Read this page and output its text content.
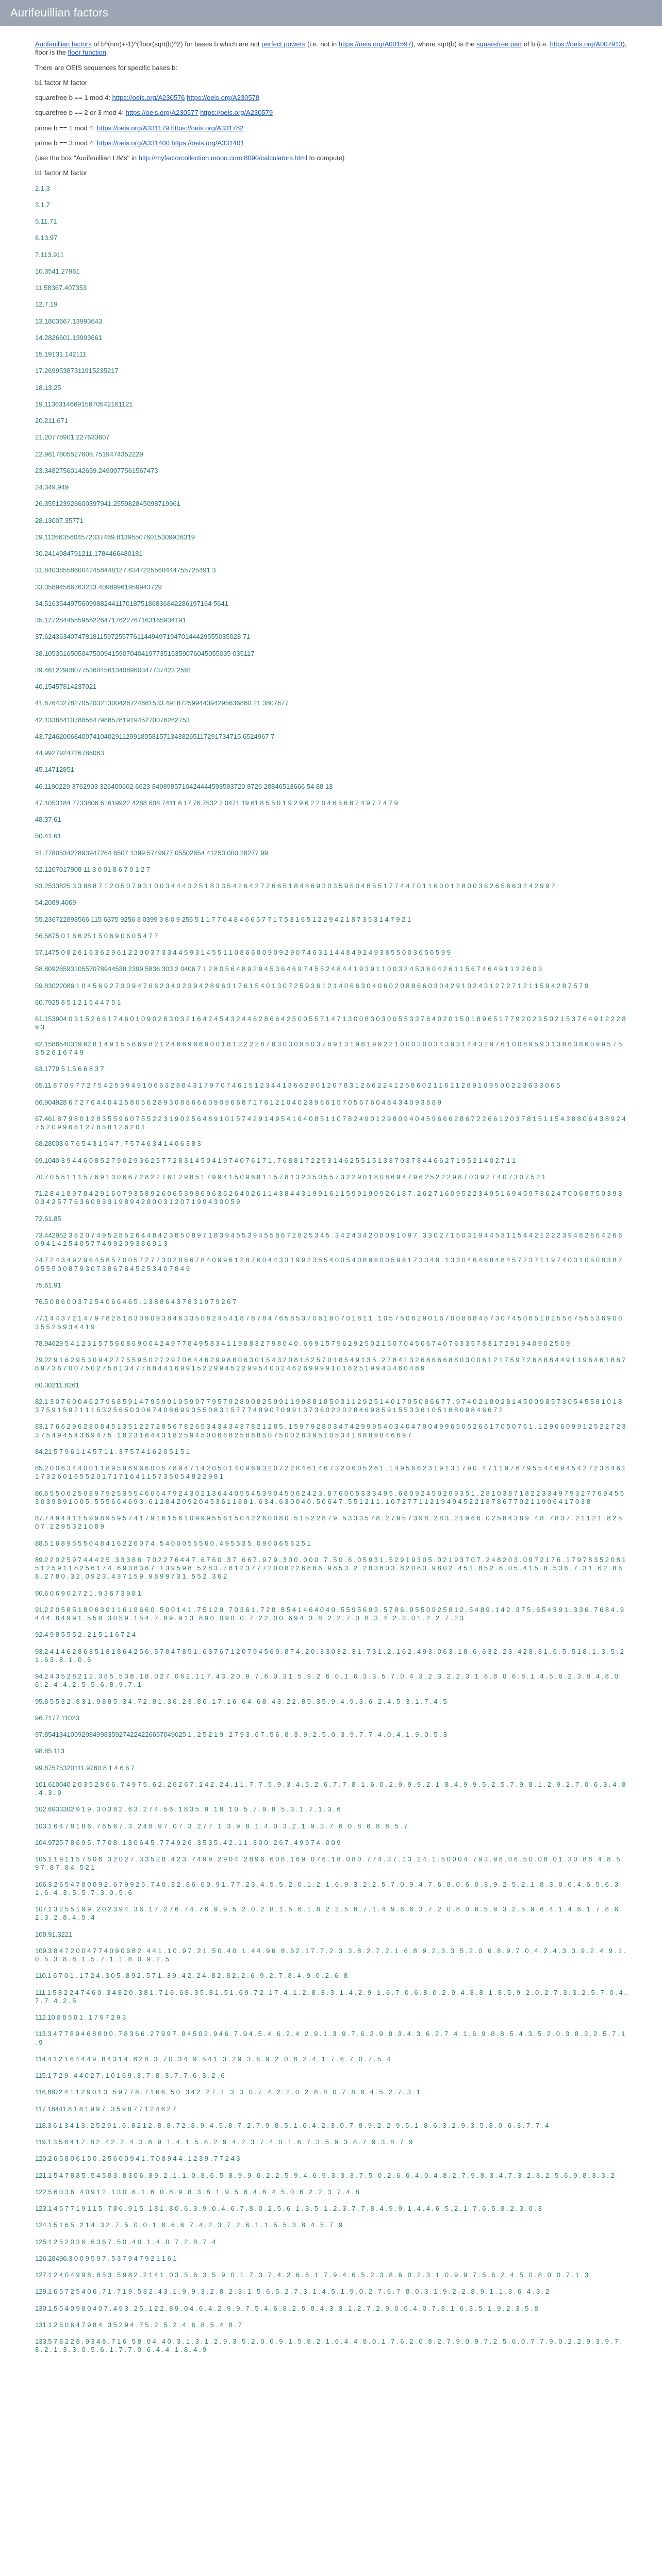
Aurifeuillian factors

Aurifeuillian factors of b^(nm)+-1)^(floor(sqrt(b)^2) for bases b which are not perfect powers (i.e. not in https://oeis.org/A001597), where sqrt(b) is the squarefree part of b (i.e. https://oeis.org/A007913), floor is the floor function.

There are OEIS sequences for specific bases b:

b1 factor M factor

squarefree b == 1 mod 4: https://oeis.org/A230576 https://oeis.org/A230578

squarefree b == 2 or 3 mod 4: https://oeis.org/A230577 https://oeis.org/A230579

prime b == 1 mod 4: https://oeis.org/A331179 https://oeis.org/A331782

prime b == 3 mod 4: https://oeis.org/A331400 https://oeis.org/A331401

(use the box "Aurifeuillian L/Ms" in http://myfactorcollection.mooo.com:8090/calculators.html to compute)

b1 factor M factor

2.1.3

3.1.7

5.11.71

6.13.97

7.113.911

10.3541.27961

11.58367.407353

12.7.19

13.1803667.13993643

14.2826601.13993661

15.19131.142111

17.26995387311915235217

18.13.25

19.113631466915870542161121

20.211.671

21.20778901.227633607

22.9617805527609.7519474352229

23.34827560142659.2490077561567473

24.349.949

26.355123926600397941.255982845098719961

28.13007.35771

29.1126635604572337469.813955076015309926319

30.2414984791211.1784466480181

31.8403855860042458448127.6347225560444755725491 3

33.35894566763233.40989961959943729

34.516354497560998824411701875186836842286197164 5641

35.12728445859552264717622767163165934191

37.62436340747818115972557761144949719470144429555035028 71

38.10535165050475009415907040419773515359076045055035 035117

39.46122908077536045613408960347737423 2561

40.15457814237021

41.67643278270520321300426724661533.49187259944394295636860 21 3807677

42.133884107885647988578191945270076282753

43.72462006840074104029112991805815713438265117291734715 6524967 7

44.9927924726786063

45.14712851

46.1190229 3762903 326400602 6623 8498985710424444593583720 8726 28846513666 54 88 13

47.1053184 7733806 61619922 4288 608 7411 6 17 76 7532 7 0471 19 61 8 5 5 0 1 9 2 9 6 2 2 0 4 6 5 6 8 7 4 9 7 7 4 7 9

48.37.61

50.41.61

51.778053427893947264 6507 1399 5749977 05502654 41253 000 28277 99

52.1207017908 11 3 0 01 8 6 7 0 1 2 7

53.2533825 3 3 88 8 7 1 2 0 5 0 7 9 3 1 0 0 3 4 4 4 3 2 5 1 8 3 3 5 4 2 6 4 2 7 2 6 6 5 1 8 4 8 6 9 3 0 3 5 9 5 0 4 8 5 5 1 7 7 4 4 7 0 1 1 6 0 0 1 2 8 0 0 3 6 2 6 5 6 6 3 2 4 2 9 9 7

54.2089.4069

55.236722893566 115 6375 9256 8 0399 3 8 0 9 256 5 1 1 7 7 0 4 8 4 6 6 5 7 7 1 7 5 3 1 6 5 1 2 2 9 4 2 1 8 7 3 5 3 1 4 7 9 2 1

56.5875 0 1 6 6 25 1 5 0 6 9 0 6 0 5 4 7 7

57.1475 0 8 2 6 1 6 3 6 2 9 6 1 2 2 0 0 3 7 3 3 4 4 5 9 3 1 4 5 5 1 1 0 8 6 6 8 0 9 0 9 2 9 0 7 4 6 3 1 1 4 4 8 4 9 2 4 9 3 8 5 5 0 0 3 6 5 6 5 9 9

58.8092659310557078944538 2399 5836 303 2 0406 7 1 2 8 0 5 6 4 8 9 2 9 4 5 3 6 4 6 9 7 4 5 5 2 4 8 4 4 1 9 3 9 1 1 0 0 3 2 4 5 3 6 0 4 2 6 1 1 5 6 7 4 6 4 9 1 1 2 2 6 0 3

59.83022086 1 0 4 5 6 9 2 7 3 0 9 4 7 6 6 2 3 4 0 2 3 9 4 2 8 9 6 3 1 7 6 1 5 4 0 1 3 0 7 2 5 9 3 6 1 2 1 4 0 6 6 3 0 4 0 6 0 2 0 8 8 6 6 0 3 0 4 2 9 1 0 2 4 3 1 2 7 2 7 1 2 1 1 5 9 4 2 8 7 5 7 9

60.7925 8 5 1 2 1 5 4 4 7 5 1

61.153904 0 3 1 5 2 6 6 1 7 4 6 0 1 0 9 0 2 8 3 0 3 2 1 6 4 2 4 5 4 3 2 4 4 6 2 8 6 6 4 2 5 0 0 5 5 7 1 4 7 1 3 0 0 8 3 0 3 0 0 5 5 3 3 7 6 4 0 2 0 1 5 0 1 8 9 6 5 1 7 7 9 2 0 2 3 5 0 2 1 5 3 7 6 4 9 1 2 2 2 8 9 3

62.1586540319 62 8 1 4 9 1 5 5 8 6 9 8 2 1 2 4 6 6 9 6 6 9 0 0 1 8 1 2 2 2 2 8 7 8 3 0 3 0 8 8 0 3 7 6 9 1 3 1 9 8 1 9 9 2 2 1 0 0 0 3 0 0 3 4 3 9 3 1 4 4 3 2 9 7 6 1 0 0 8 9 5 9 3 1 3 8 6 3 8 6 0 9 9 5 7 5 3 5 2 6 1 6 7 4 9

63.1779 5 1.5 6 6 8 3 7

65.11 8 7 0 9 7 7 2 7 5 4 2 5 3 9 4 9 1 0 6 6 3 2 8 8 4 3 1 7 9 7 0 7 4 6 1 5 1 2 3 4 4 1 3 6 6 2 8 0 1 2 0 7 8 3 1 2 6 6 2 2 4 1 2 5 8 6 0 2 1 1 6 1 1 2 8 9 1 0 9 5 0 0 2 2 3 6 3 3 0 6 5

66.904928 6 7 2 7 6 4 4 0 4 2 5 8 0 5 6 2 8 9 3 0 8 8 6 6 6 0 9 0 9 6 6 8 7 1 7 6 1 2 1 0 4 0 2 3 9 6 6 1 5 7 0 5 6 7 6 0 4 8 4 3 4 0 9 3 6 8 9

67.461 8 7 9 8 0 1 2 8 3 5 5 9 6 0 7 5 5 2 2 3 1 9 0 2 5 6 4 8 9 1 0 1 5 7 4 2 9 1 4 9 5 4 1 6 4 0 8 5 1 1 0 7 8 2 4 9 0 1 2 9 8 0 9 4 0 4 5 9 6 6 6 2 8 6 7 2 2 6 6 1 2 0 3 7 8 1 5 1 1 5 4 3 8 8 0 6 4 3 8 9 2 4 7 5 2 0 9 9 6 6 1 2 7 8 5 8 1 2 6 2 0 1

68.28003 6 7 6 5 4 3 1 5 4 7 . 7 5 7 4 6 3 4 1 4 0 6 3 8 3

69.1040 3 9 4 4 6 0 8 5 2 7 9 0 2 9 3 6 2 5 7 7 2 8 3 1 4 5 0 4 1 9 7 4 0 7 6 1 7 1 . 7 6 8 8 1 7 2 2 5 3 1 4 6 2 5 5 1 5 1 3 8 7 0 3 7 8 4 4 6 6 2 7 1 9 5 2 1 4 0 2 7 1 1

70.7 0 5 5 1 1 1 5 7 6 9 1 3 0 6 6 7 2 8 2 2 7 6 1 2 9 8 5 1 7 9 9 4 1 5 0 9 6 8 1 1 5 7 8 1 3 2 3 5 0 5 5 7 3 2 2 9 0 1 8 0 8 6 9 4 7 9 6 2 5 2 2 2 9 8 7 0 3 9 2 7 4 0 7 3 0 7 5 2 1

71.2 8 4 1 8 9 7 8 4 2 9 1 6 0 7 9 3 5 8 9 2 6 0 6 5 3 9 8 6 9 6 3 6 2 6 4 0 2 6 1 1 4 3 8 4 4 3 1 9 9 1 6 1 1 5 9 9 1 9 0 9 2 6 1 8 7 . 2 6 2 7 1 6 0 9 5 2 2 3 4 9 5 1 6 9 4 5 9 7 3 6 2 4 7 0 0 6 8 7 5 0 3 9 3 0 3 4 2 5 7 7 6 3 6 0 8 3 3 1 9 8 9 4 2 8 0 0 3 1 2 0 7 1 9 9 4 3 0 0 5 9

72.61.85

73.442952 3 8 2 0 7 4 9 5 2 8 5 2 6 4 4 8 4 2 3 8 5 0 8 9 7 1 8 3 9 4 5 5 3 9 4 5 5 8 6 7 2 8 2 5 3 4 5 . 3 4 2 4 3 4 2 0 8 0 9 1 0 9 7 . 3 3 0 2 7 1 5 0 3 1 9 4 4 5 3 1 1 5 4 4 2 1 2 2 2 3 9 4 8 2 6 6 4 2 6 6 0 9 4 1 4 2 5 4 0 5 7 7 4 9 9 2 0 9 3 8 6 9 1 3

74.7 2 4 3 4 9 2 9 6 4 5 8 5 7 0 0 5 7 2 7 7 3 0 2 8 6 6 7 8 4 0 9 9 6 1 2 8 7 6 0 4 4 3 3 1 9 9 2 3 5 5 4 0 0 5 4 0 8 9 6 0 0 5 9 6 1 7 3 3 4 9 . 1 3 3 0 4 6 4 6 8 4 8 4 5 7 7 3 7 1 1 9 7 4 0 3 1 0 5 0 8 3 8 7 0 5 5 5 0 0 8 7 9 3 0 7 3 8 6 7 8 4 5 2 5 3 4 0 7 8 4 9

75.61.91

76.5 0 8 6 0 0 3 7 2 5 4 0 6 6 4 6 5 . 1 3 8 8 6 4 3 7 8 3 1 9 7 9 2 6 7

77.1 4 4 3 7 2 1 4 7 9 7 8 2 8 1 8 3 0 9 0 9 3 8 4 6 3 3 5 0 8 2 4 5 4 1 8 7 8 7 8 4 7 6 5 8 5 3 7 0 6 1 8 0 7 0 1 8 1 1 . 1 0 5 7 5 0 6 2 9 0 1 6 7 0 0 8 6 8 4 8 7 3 0 7 4 5 0 6 5 1 8 2 5 5 6 7 5 5 5 3 6 9 0 0 3 5 5 2 5 9 3 4 4 1 9

78.94629 5 4 1 2 3 1 5 7 5 6 0 8 6 9 0 0 4 2 4 9 7 7 8 4 9 5 8 3 4 1 1 9 8 8 3 2 7 9 8 0 4 0 . 6 9 9 1 5 7 9 6 2 9 2 5 0 2 1 5 0 7 0 4 5 0 6 7 4 0 7 6 3 3 5 7 8 3 1 7 2 9 1 9 4 0 9 0 2 5 0 9

79.22 9 1 6 2 9 5 3 0 9 4 2 7 7 5 5 9 5 0 2 7 2 9 7 0 6 4 4 6 2 9 9 8 8 0 6 3 0 1 5 4 3 2 0 8 1 8 2 5 7 0 1 8 5 4 9 1 3 5 . 2 7 8 4 1 3 2 6 8 6 6 6 8 8 0 3 0 0 6 1 2 1 7 5 9 7 2 6 8 8 8 4 4 9 1 1 9 6 4 6 1 8 8 7 8 9 7 3 6 7 0 0 7 5 0 2 7 5 8 1 3 4 7 7 8 8 4 4 1 6 9 9 1 5 2 2 9 9 4 5 2 2 9 9 5 4 0 0 2 4 6 2 6 9 9 9 9 1 0 1 8 2 5 1 9 9 4 3 4 6 0 4 8 9

80.30211.8261

82.1 3 0 7 6 0 0 4 6 2 7 9 6 8 5 9 1 4 7 9 5 9 0 1 9 5 9 9 7 7 9 5 7 9 2 8 9 0 8 2 5 9 9 1 1 9 9 8 8 1 8 5 0 3 1 1 2 9 2 5 1 4 0 1 7 0 5 0 8 6 6 7 7 . 9 7 4 0 2 1 8 0 2 8 1 4 5 0 0 9 8 5 7 3 0 5 4 5 5 8 1 0 1 8 3 7 5 9 1 5 9 2 1 1 1 5 3 2 5 6 5 0 3 0 6 7 4 0 8 6 9 9 3 5 5 0 8 3 1 5 7 7 7 4 8 9 0 7 0 9 9 1 3 7 3 6 0 2 2 0 2 8 4 6 9 8 5 9 1 5 5 3 3 6 1 0 5 1 8 8 0 9 8 4 6 6 7 2

83.1 7 6 6 2 9 6 2 8 0 8 4 5 1 3 5 1 2 2 7 2 8 5 6 7 8 2 6 5 3 4 3 4 3 4 3 7 8 2 1 2 8 5 . 1 5 9 7 9 2 8 0 3 4 7 4 2 9 9 9 5 4 0 3 4 0 4 7 9 0 4 9 9 6 5 0 5 2 6 6 1 7 0 5 0 7 6 1 . 1 2 9 6 6 0 9 9 1 2 5 2 2 7 2 3 3 7 5 4 9 4 5 4 3 6 9 4 7 5 . 1 8 2 3 1 6 4 4 3 1 8 2 5 9 4 5 0 0 6 6 8 2 5 8 8 8 5 0 7 5 0 0 2 8 3 9 5 1 0 5 3 4 1 8 8 8 9 8 4 6 6 9 7

84.21 5 7 9 6 1 1 4 5 7 1 1 . 3 7 5 7 4 1 6 2 0 5 1 5 1

85.2 0 0 6 3 4 4 0 0 1 1 8 9 5 9 6 9 6 6 0 0 5 7 8 9 4 7 1 4 2 0 5 0 1 4 0 9 6 9 3 2 0 7 2 2 8 4 6 1 4 6 7 3 2 0 6 0 5 2 6 1 . 1 4 9 5 6 6 2 3 1 9 1 3 1 7 9 0 . 4 7 1 1 9 7 6 7 9 5 5 4 4 6 9 4 5 4 2 7 2 3 8 4 6 1 1 7 3 2 6 0 1 6 5 5 2 0 1 7 1 7 1 6 4 1 1 5 7 3 5 0 5 4 8 2 2 9 8 1

86.6 5 5 0 6 2 5 0 8 9 7 9 2 5 3 5 5 4 6 0 6 4 7 9 2 4 3 0 2 1 3 6 4 4 0 5 5 4 5 3 9 0 4 5 0 6 2 4 2 3 . 8 7 6 0 0 5 3 3 3 4 9 5 . 6 8 0 9 2 4 5 0 2 0 9 3 5 1 . 2 8 1 0 3 8 7 1 8 2 2 3 3 4 9 7 9 3 2 7 7 6 9 4 5 5 3 0 3 9 8 9 1 0 0 5 . 5 5 5 6 6 4 6 9 3 . 6 1 2 8 4 2 0 9 2 0 4 5 3 6 1 1 8 8 1 . 6 3 4 . 6 3 0 0 4 0 . 5 0 6 4 7 . 5 5 1 2 1 1 . 1 0 7 2 7 7 1 1 2 1 9 4 9 4 5 2 2 1 8 7 8 6 7 7 0 2 1 1 9 0 6 4 1 7 0 3 8

87.7 4 9 4 4 1 1 5 9 9 8 9 5 9 5 7 4 1 7 9 1 6 1 5 6 1 0 9 9 9 5 5 6 1 5 0 4 2 2 6 0 0 8 0 . 5 1 5 2 2 8 7 9 . 5 3 3 3 5 7 8 . 2 7 9 5 7 3 9 8 . 2 8 3 . 2 1 9 6 6 . 0 2 5 8 4 3 8 9 . 4 8 . 7 8 3 7 . 2 1 1 2 1 . 8 2 5 0 7 . 2 2 9 5 3 2 1 0 8 9

88.5 1 6 8 9 5 5 5 0 4 8 4 1 6 2 2 6 0 7 4 . 5 4 0 0 0 5 5 5 6 0 . 4 9 5 5 3 5 . 0 9 0 0 6 5 6 2 5 1

89.2 2 0 2 5 9 7 4 4 4 2 5 . 3 3 3 8 6 . 7 0 2 2 7 6 4 4 7 . 6 7 6 0 . 3 7 . 6 6 7 . 9 7 9 . 3 0 0 . 0 0 0 . 7 . 5 0 . 6 . 0 5 9 3 1 . 5 2 9 1 9 3 0 5 . 0 2 1 9 3 7 0 7 . 2 4 8 2 0 3 . 0 9 7 2 1 7 6 . 1 7 9 7 8 3 5 2 0 8 1 5 1 2 5 9 1 1 8 2 5 6 1 7 4 . 6 9 3 8 3 6 7 . 1 3 9 5 9 8 . 5 2 8 3 . 7 8 1 2 3 7 7 7 2 0 0 8 2 2 6 8 8 6 . 9 8 5 3 . 2 . 2 8 3 6 0 3 . 8 2 0 8 3 . 9 8 0 2 . 4 5 1 . 8 5 2 . 6 . 0 5 . 4 1 5 . 8 . 5 3 6 . 7 . 3 1 . 6 2 . 8 6 8 . 2 7 8 0 . 3 2 . 0 9 2 3 . 4 3 7 1 5 9 . 9 8 9 9 7 3 1 . 5 5 2 . 3 6 2

90.6 0 6 9 0 2 7 2 1 . 9 3 6 7 3 9 8 1

91.2 2 0 5 8 5 1 8 0 6 3 9 1 1 6 1 9 6 6 0 . 5 0 0 1 4 1 . 7 5 1 2 9 . 7 0 3 6 1 . 7 2 8 . 8 5 4 1 4 6 4 0 4 0 . 5 5 9 5 6 9 3 . 5 7 8 6 . 9 5 5 0 9 2 5 8 1 2 . 5 4 8 9 . 1 4 2 . 3 7 5 . 6 5 4 3 9 1 . 3 3 6 . 7 6 8 4 . 9 4 4 4 . 8 4 9 9 1 . 5 5 8 . 3 0 5 9 . 1 5 4 . 7 . 8 9 . 9 1 3 . 8 9 0 . 0 9 0 . 0 . 7 . 2 2 . 0 0 . 6 9 4 . 3 . 8 . 2 . 2 . 7 . 0 . 8 . 3 . 4 . 2 . 3 . 0 1 . 2 . 2 . 7 . 2 3

92.4 9 8 5 5 5 2 . 2 1 5 1 1 6 7 2 4

93.2 4 1 4 6 2 8 6 3 5 1 8 1 8 6 4 2 5 6 . 5 7 8 4 7 8 5 1 . 6 3 7 6 7 1 2 0 7 9 4 5 6 9 . 8 7 4 . 2 0 . 3 3 0 3 2 . 3 1 . 7 3 1 . 2 . 1 6 2 . 4 9 3 . 0 6 3 . 1 8 . 6 . 6 3 2 . 2 3 . 4 2 8 . 8 1 . 6 . 5 . 5 1 8 . 1 . 3 . 5 . 2 1 . 6 3 . 8 . 1 . 0 . 6

94.2 4 3 5 2 8 2 1 2 . 3 8 5 . 5 3 8 . 1 8 . 0 2 7 . 0 6 2 . 1 1 7 . 4 3 . 2 0 . 9 . 7 . 6 . 0 . 3 1 . 5 . 9 . 2 . 6 . 0 . 1 . 6 . 3 . 3 . 5 . 7 . 0 . 4 . 3 . 2 . 3 . 2 . 2 . 3 . 1 . 8 . 8 . 0 . 6 . 8 . 1 . 4 . 5 . 6 . 2 . 3 . 8 . 4 . 8 . 0 . 6 . 2 . 4 . 4 . 2 . 5 . 5 . 6 . 8 . 9 . 7 . 1

95.8 5 5 3 2 . 8 3 1 . 9 8 8 5 . 3 4 . 7 2 . 8 1 . 3 6 . 2 3 . 8 6 . 1 7 . 1 6 . 6 4 . 6 8 . 4 3 . 2 2 . 8 5 . 3 5 . 9 . 4 . 9 . 3 . 6 . 2 . 4 . 5 . 3 . 1 . 7 . 4 . 5

96.7177.11023

97.85413410592984998359274224226657049025 1 . 2 5 2 1 9 . 2 7 9 3 . 6 7 . 5 6 . 8 . 3 . 9 . 2 . 5 . 0 . 3 . 9 . 7 . 7 . 4 . 0 . 4 . 1 . 9 . 0 . 5 . 3

98.85.113

99.87575320111.9760 8 1 4 6 6 7

101.610040 2 0 3 5 2 8 6 6 . 7 4 9 7 5 . 6 2 . 2 6 2 6 7 . 2 4 2 . 2 4 . 1 1 . 7 . 7 . 5 . 9 . 3 . 4 . 5 . 2 . 6 . 7 . 7 . 8 . 1 . 6 . 0 . 2 . 9 . 9 . 9 . 2 . 1 . 8 . 4 . 9 . 9 . 5 . 2 . 5 . 7 . 9 . 8 . 1 . 2 . 9 . 2 . 7 . 0 . 6 . 3 . 4 . 8 . 4 . 3 . 9

102.6933302 9 1 9 . 3 0 3 8 2 . 6 3 . 2 7 4 . 5 6 . 1 8 3 5 . 9 . 1 8 . 1 0 . 5 . 7 . 9 . 8 . 5 . 3 . 1 . 7 . 1 . 3 . 6

103.1 6 4 7 8 1 8 6 . 7 6 5 6 7 . 3 . 2 4 8 . 9 7 . 0 7 . 3 . 2 7 7 . 1 . 3 . 9 . 8 . 1 . 4 . 0 . 3 . 2 . 1 . 9 . 3 . 7 . 6 . 0 . 8 . 6 . 8 . 8 . 5 . 7

104.9725 7 8 6 9 5 . 7 7 0 8 . 1 3 0 6 4 5 . 7 7 4 9 2 6 . 3 5 3 5 . 4 2 . 1 1 . 3 0 0 . 2 6 7 . 4 9 9 7 4 . 0 0 9

105.1 1 9 1 1 5 7 8 0 6 . 3 2 0 2 7 . 3 3 5 2 8 . 4 2 3 . 7 4 9 9 . 2 9 0 4 . 2 8 9 6 . 6 0 8 . 1 6 9 . 0 7 6 . 1 8 . 0 8 0 . 7 7 4 . 3 7 . 1 3 . 2 4 . 1 . 5 0 0 0 4 . 7 9 3 . 9 8 . 0 6 . 5 0 . 0 8 . 0 1 . 3 0 . 8 6 . 4 . 8 . 5 . 9 7 . 8 7 . 8 4 . 5 2 1

106.3 2 6 5 4 7 8 0 0 9 2 . 6 7 9 9 2 5 . 7 4 0 . 3 2 . 8 6 . 6 0 . 9 1 . 7 7 . 2 3 . 4 . 5 . 5 . 2 . 0 . 1 . 2 . 1 . 6 . 9 . 3 . 2 . 2 . 5 . 7 . 0 . 9 . 4 . 7 . 6 . 8 . 0 . 6 . 0 . 3 . 9 . 2 . 5 . 2 . 1 . 8 . 3 . 8 . 6 . 4 . 6 . 5 . 6 . 3 . 1 . 6 . 4 . 3 . 5 . 5 . 7 . 3 . 0 . 5 . 6

107.1 3 2 5 5 1 9 9 . 2 0 2 3 9 4 . 3 6 . 1 7 . 2 7 6 . 7 4 . 7 6 . 9 . 9 . 5 . 2 . 0 . 2 . 8 . 1 . 5 . 6 . 1 . 8 . 2 . 2 . 5 . 8 . 7 . 1 . 4 . 9 . 6 . 6 . 3 . 7 . 2 . 0 . 8 . 0 . 6 . 5 . 9 . 3 . 2 . 5 . 9 . 6 . 4 . 1 . 4 . 6 . 1 . 7 . 8 . 6 . 2 . 3 . 2 . 8 . 4 . 5 . 4

108.91.3221

109.3 8 4 7 2 0 0 4 7 7 4 0 9 0 6 8 2 . 4 4 1 . 1 0 . 9 7 . 2 1 . 5 0 . 4 0 . 1 . 4 4 . 9 6 . 8 . 6 2 . 1 7 . 7 . 2 . 3 . 3 . 8 . 2 . 7 . 2 . 1 . 6 . 8 . 9 . 2 . 3 . 3 . 5 . 2 . 0 . 6 . 8 . 9 . 7 . 0 . 4 . 2 . 4 . 3 . 3 . 9 . 2 . 4 . 9 . 1 . 0 . 5 . 3 . 8 . 8 . 1 . 5 . 7 . 1 . 1 . 8 . 0 . 9 . 2 . 5

110.1 6 7 0 1 . 1 7 2 4 . 3 0 5 . 8 9 2 . 5 7 1 . 3 9 . 4 2 . 2 4 . 8 2 . 8 2 . 2 . 6 . 9 . 2 . 7 . 8 . 4 . 9 . 0 . 2 . 6 . 8

111.1 5 8 2 2 4 7 4 6 0 . 3 4 8 2 0 . 3 8 1 . 7 1 6 . 6 8 . 3 5 . 8 1 . 5 1 . 6 9 . 7 2 . 1 7 . 4 . 1 . 2 . 8 . 3 . 3 . 1 . 4 . 2 . 9 . 1 . 6 . 7 . 0 . 6 . 8 . 0 . 2 . 9 . 4 . 8 . 8 . 1 . 8 . 5 . 9 . 2 . 0 . 2 . 7 . 3 . 3 . 2 . 5 . 7 . 0 . 4 . 7 . 7 . 4 . 2 . 5

112.10 8 8 5 0 1 . 1 7 9 7 2 9 3

113.3 4 7 7 8 9 4 6 8 8 0 0 . 7 8 3 6 6 . 2 7 9 9 7 . 8 4 5 0 2 . 9 4 6 . 7 . 9 4 . 5 . 4 . 6 . 2 . 4 . 2 . 9 . 1 . 3 . 9 . 7 . 6 . 2 . 9 . 8 . 3 . 4 . 3 . 6 . 2 . 7 . 4 . 1 . 6 . 9 . 8 . 8 . 5 . 4 . 3 . 5 . 2 . 0 . 3 . 8 . 3 . 2 . 5 . 7 . 1 . 9

114.4 1 2 1 6 4 4 4 9 . 8 4 3 1 4 . 8 2 8 . 3 . 7 0 . 3 4 . 9 . 5 4 1 . 3 . 2 9 . 3 . 6 . 9 . 2 . 0 . 8 . 2 . 4 . 1 . 7 . 6 . 7 . 0 . 7 . 5 . 4

115.1 7 2 9 . 4 4 0 2 7 . 1 0 1 6 9 . 3 . 7 . 8 . 3 . 7 . 7 . 6 . 3 . 2 . 6

116.6872 4 1 1 2 9 0 1 3 . 5 9 7 7 8 . 7 1 6 6 . 5 0 . 3 4 2 . 2 7 . 1 . 3 . 3 . 0 . 7 . 4 . 2 . 2 . 0 . 2 . 8 . 8 . 0 . 7 . 8 . 6 . 4 . 5 . 2 . 7 . 3 . 1

117.18441.8 1 8 1 9 9 7 . 3 5 9 8 7 7 1 2 4 6 2 7

118.3 6 1 3 4 1 3 . 2 5 2 9 1 . 6 . 8 2 1 2 . 8 . 8 . 7 2 . 8 . 9 . 4 . 5 . 8 . 7 . 2 . 7 . 9 . 8 . 5 . 1 . 6 . 4 . 2 . 3 . 0 . 7 . 8 . 9 . 2 . 2 . 9 . 5 . 1 . 8 . 6 . 3 . 2 . 9 . 3 . 5 . 8 . 0 . 6 . 3 . 7 . 7 . 4

119.1 3 5 6 4 1 7 . 8 2 . 4 2 . 2 . 4 . 3 . 8 . 9 . 1 . 4 . 1 . 5 . 8 . 2 . 9 . 4 . 2 . 3 . 7 . 4 . 0 . 1 . 6 . 7 . 3 . 5 . 9 . 3 . 8 . 7 . 9 . 3 . 8 . 7 . 9

120.2 6 5 8 0 6 1 5 0 . 2 5 6 0 0 9 4 1 . 7 0 8 9 4 4 . 1 2 3 9 . 7 7 2 4 3

121.1 5 4 7 8 8 5 . 5 4 5 8 3 . 8 3 0 6 . 8 9 . 2 . 1 . 1 . 0 . 8 . 6 . 5 . 8 . 9 . 9 . 6 . 2 . 2 . 5 . 9 . 4 . 6 . 9 . 3 . 3 . 3 . 7 . 5 . 0 . 2 . 6 . 6 . 4 . 0 . 4 . 8 . 2 . 7 . 9 . 8 . 3 . 4 . 7 . 3 . 2 . 8 . 2 . 5 . 6 . 9 . 8 . 3 . 3 . 2

122.5 6 0 3 6 . 4 0 9 1 2 . 1 3 0 . 6 . 1 . 6 . 0 . 8 . 9 . 8 . 3 . 8 . 1 . 9 . 5 . 6 . 4 . 8 . 4 . 5 . 0 . 6 . 2 . 2 . 3 . 7 . 4 . 8

123.1 4 5 7 7 1 9 1 1 5 . 7 8 6 . 9 1 5 . 1 8 1 . 8 0 . 6 . 3 . 9 . 0 . 4 . 6 . 7 . 8 . 0 . 2 . 5 . 6 . 1 . 3 . 5 . 1 . 2 . 3 . 7 . 7 . 8 . 4 . 9 . 9 . 1 . 4 . 4 . 6 . 5 . 2 . 1 . 7 . 6 . 5 . 8 . 2 . 3 . 0 . 3

124.1 5 1 6 5 . 2 1 4 . 3 2 . 7 . 5 . 0 . 0 . 1 . 8 . 6 . 6 . 7 . 4 . 2 . 3 . 7 . 2 . 6 . 1 . 1 . 5 . 5 . 3 . 8 . 4 . 5 . 7 . 9

125.1 2 5 2 0 3 6 . 6 3 6 7 . 5 0 . 4 0 . 1 . 4 . 0 . 7 . 2 . 8 . 7 . 4

126.28496.3 0 0 9 5 9 7 . 5 3 7 9 4 7 9 2 1 1 6 1

127.1 2 4 0 4 9 9 8 . 8 5 3 . 5 9 8 2 . 2 1 4 1 . 0 3 . 5 . 6 . 3 . 5 . 9 . 0 . 1 . 7 . 3 . 7 . 4 . 2 . 6 . 8 . 1 . 7 . 9 . 4 . 6 . 5 . 2 . 3 . 8 . 6 . 0 . 2 . 3 . 1 . 0 . 9 . 9 . 7 . 5 . 6 . 2 . 4 . 5 . 0 . 8 . 0 . 0 . 7 . 1 . 3

129.1 6 5 7 2 5 4 0 6 . 7 1 . 7 1 9 . 5 3 2 . 4 3 . 1 . 9 . 9 . 3 . 2 . 8 . 2 . 3 . 1 . 5 . 6 . 5 . 2 . 7 . 3 . 1 . 4 . 5 . 1 . 9 . 0 . 2 . 7 . 6 . 7 . 8 . 0 . 3 . 1 . 9 . 2 . 2 . 8 . 9 . 1 . 1 . 3 . 6 . 4 . 3 . 2

130.1.5 5 4 0 9 8 0 4 0 7 . 4 9 3 . 2 5 . 1 2 2 . 8 9 . 0 4 . 6 . 4 . 2 . 9 . 9 . 7 . 5 . 4 . 6 . 8 . 2 . 5 . 8 . 4 . 3 . 3 . 1 . 2 . 7 . 2 . 9 . 0 . 6 . 4 . 0 . 7 . 8 . 1 . 6 . 3 . 5 . 1 . 9 . 2 . 3 . 5 . 8

131.1 2 6 0 6 4 7 9 8 4 . 3 5 2 9 4 . 7 5 . 2 . 5 . 2 . 4 . 6 . 8 . 5 . 4 . 8 . 7

133.5 7 8 2 2 8 . 9 3 4 8 . 7 1 6 . 5 8 . 0 4 . 4 0 . 3 . 1 . 3 . 1 . 2 . 9 . 3 . 5 . 2 . 0 . 0 . 9 . 1 . 5 . 8 . 2 . 1 . 6 . 4 . 4 . 8 . 0 . 1 . 7 . 6 . 2 . 0 . 8 . 2 . 7 . 9 . 0 . 9 . 7 . 2 . 5 . 6 . 0 . 7 . 7 . 9 . 0 . 2 . 2 . 9 . 3 . 9 . 7 . 8 . 2 . 1 . 3 . 3 . 0 . 5 . 6 . 1 . 7 . 7 . 0 . 6 . 4 . 4 . 1 . 8 . 4 . 9
